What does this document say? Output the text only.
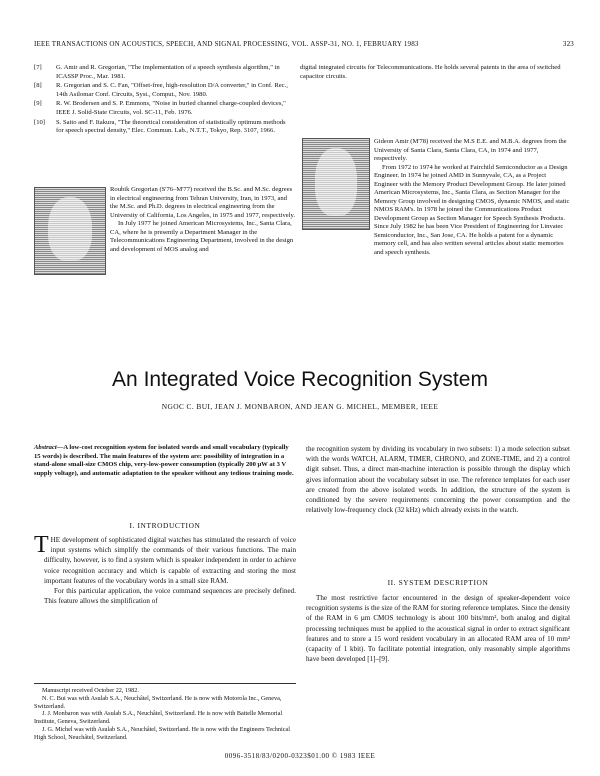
IEEE TRANSACTIONS ON ACOUSTICS, SPEECH, AND SIGNAL PROCESSING, VOL. ASSP-31, NO. 1, FEBRUARY 1983	323
[7] G. Amir and R. Gregorian, "The implementation of a speech synthesis algorithm," in ICASSP Proc., Mar. 1981.
[8] R. Gregorian and S. C. Fan, "Offset-free, high-resolution D/A converter," in Conf. Rec., 14th Asilomar Conf. Circuits, Syst., Comput., Nov. 1980.
[9] R. W. Brodersen and S. P. Emmons, "Noise in buried channel charge-coupled devices," IEEE J. Solid-State Circuits, vol. SC-11, Feb. 1976.
[10] S. Saito and F. Itakura, "The theoretical consideration of statistically optimum methods for speech spectral density," Elec. Commun. Lab., N.T.T., Tokyo, Rep. 3107, 1966.
digital integrated circuits for Telecommunications. He holds several patents in the area of switched capacitor circuits.

Roubik Gregorian (S'76–M'77) received the B.Sc. and M.Sc. degrees in electrical engineering from Tehran University, Iran, in 1973, and the M.Sc. and Ph.D. degrees in electrical engineering from the University of California, Los Angeles, in 1975 and 1977, respectively.

In July 1977 he joined American Microsystems, Inc., Santa Clara, CA, where he is presently a Department Manager in the Telecommunications Engineering Department, involved in the design and development of MOS analog and

Gideon Amir (M'78) received the M.S E.E. and M.B.A. degrees from the University of Santa Clara, Santa Clara, CA, in 1974 and 1977, respectively.

From 1972 to 1974 he worked at Fairchild Semiconductor as a Design Engineer. In 1974 he joined AMD in Sunnyvale, CA, as a Project Engineer with the Memory Product Development Group. He later joined American Microsystems, Inc., Santa Clara, as Section Manager for the Memory Group involved in designing CMOS, dynamic NMOS, and static NMOS RAM's. In 1978 he joined the Communications Product Development Group as Section Manager for Speech Synthesis Products. Since July 1982 he has been Vice President of Engineering for Linvatec Semiconductor, Inc., San Jose, CA. He holds a patent for a dynamic memory cell, and has also written several articles about static memories and speech synthesis.

An Integrated Voice Recognition System
NGOC C. BUI, JEAN J. MONBARON, AND JEAN G. MICHEL, MEMBER, IEEE
Abstract—A low-cost recognition system for isolated words and small vocabulary (typically 15 words) is described. The main features of the system are: possibility of integration in a stand-alone small-size CMOS chip, very-low-power consumption (typically 200 µW at 3 V supply voltage), and automatic adaptation to the speaker without any tedious training mode.
I. INTRODUCTION

THE development of sophisticated digital watches has stimulated the research of voice input systems which simplify the commands of their various functions. The main difficulty, however, is to find a system which is speaker independent in order to achieve voice recognition accuracy and which is capable of extracting and storing the most important features of the vocabulary words in a small size RAM.

For this particular application, the voice command sequences are precisely defined. This feature allows the simplification of

the recognition system by dividing its vocabulary in two subsets: 1) a mode selection subset with the words WATCH, ALARM, TIMER, CHRONO, and ZONE-TIME, and 2) a control digit subset. Thus, a direct man-machine interaction is possible through the display which gives information about the vocabulary subset in use. The reference templates for each user are created from the above isolated words. In addition, the structure of the system is conditioned by the severe requirements concerning the power consumption and the relatively low-frequency clock (32 kHz) which already exists in the watch.

II. SYSTEM DESCRIPTION

The most restrictive factor encountered in the design of speaker-dependent voice recognition systems is the size of the RAM for storing reference templates. Since the density of the RAM in 6 µm CMOS technology is about 100 bits/mm², both analog and digital processing techniques must be applied to the acoustical signal in order to extract significant features and to store a 15 word resident vocabulary in an allocated RAM area of 10 mm² (capacity of 1 kbit). To facilitate potential integration, only reasonably simple algorithms have been developed [1]–[9].

Manuscript received October 22, 1982.

N. C. Bui was with Asulab S.A., Neuchâtel, Switzerland. He is now with Motorola Inc., Geneva, Switzerland.

J. J. Monbaron was with Asulab S.A., Neuchâtel, Switzerland. He is now with Battelle Memorial Institute, Geneva, Switzerland.

J. G. Michel was with Asulab S.A., Neuchâtel, Switzerland. He is now with the Engineers Technical High School, Neuchâtel, Switzerland.

0096-3518/83/0200-0323$01.00 © 1983 IEEE
